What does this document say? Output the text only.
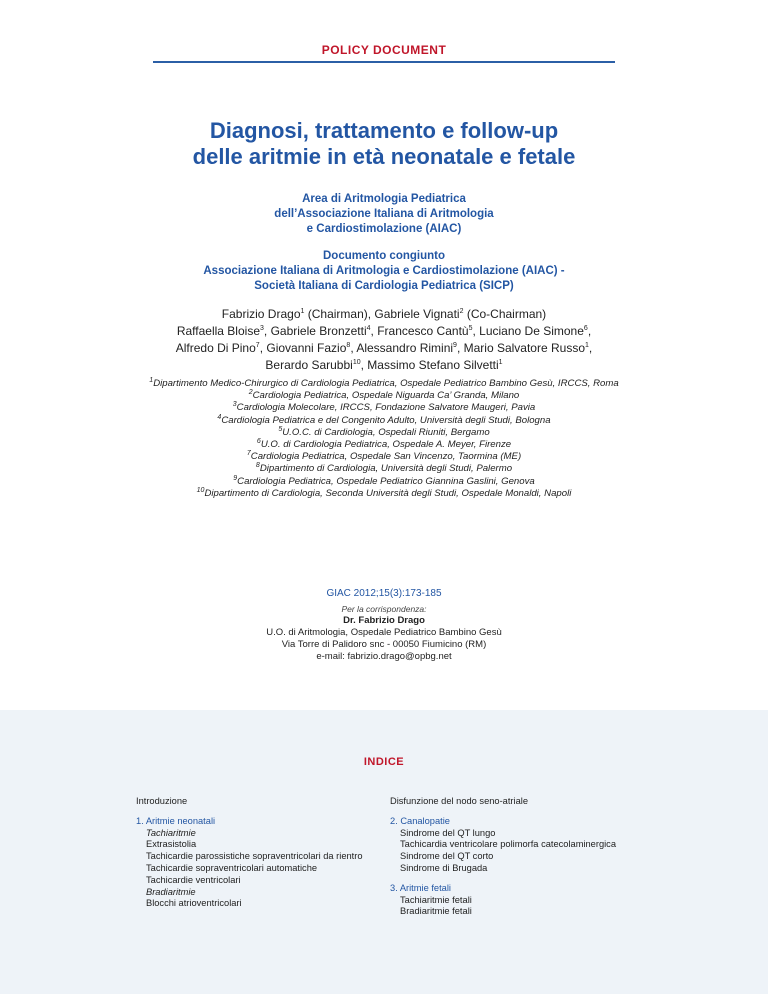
POLICY DOCUMENT
Diagnosi, trattamento e follow-up
delle aritmie in età neonatale e fetale
Area di Aritmologia Pediatrica
dell’Associazione Italiana di Aritmologia
e Cardiostimolazione (AIAC)
Documento congiunto
Associazione Italiana di Aritmologia e Cardiostimolazione (AIAC) -
Società Italiana di Cardiologia Pediatrica (SICP)
Fabrizio Drago$^1$ (Chairman), Gabriele Vignati$^2$ (Co-Chairman)
Raffaella Bloise$^3$, Gabriele Bronzetti$^4$, Francesco Cantù$^5$, Luciano De Simone$^6$,
Alfredo Di Pino$^7$, Giovanni Fazio$^8$, Alessandro Rimini$^9$, Mario Salvatore Russo$^1$,
Berardo Sarubbi$^{10}$, Massimo Stefano Silvetti$^1$
$^1$Dipartimento Medico-Chirurgico di Cardiologia Pediatrica, Ospedale Pediatrico Bambino Gesù, IRCCS, Roma
$^2$Cardiologia Pediatrica, Ospedale Niguarda Ca’ Granda, Milano
$^3$Cardiologia Molecolare, IRCCS, Fondazione Salvatore Maugeri, Pavia
$^4$Cardiologia Pediatrica e del Congenito Adulto, Università degli Studi, Bologna
$^5$U.O.C. di Cardiologia, Ospedali Riuniti, Bergamo
$^6$U.O. di Cardiologia Pediatrica, Ospedale A. Meyer, Firenze
$^7$Cardiologia Pediatrica, Ospedale San Vincenzo, Taormina (ME)
$^8$Dipartimento di Cardiologia, Università degli Studi, Palermo
$^9$Cardiologia Pediatrica, Ospedale Pediatrico Giannina Gaslini, Genova
$^{10}$Dipartimento di Cardiologia, Seconda Università degli Studi, Ospedale Monaldi, Napoli
GIAC 2012;15(3):173-185
Per la corrispondenza:
Dr. Fabrizio Drago
U.O. di Aritmologia, Ospedale Pediatrico Bambino Gesù
Via Torre di Palidoro snc - 00050 Fiumicino (RM)
e-mail: fabrizio.drago@opbg.net
INDICE
Introduzione
1. Aritmie neonatali
Tachiaritmie
Extrasistolia
Tachicardie parossistiche sopraventricolari da rientro
Tachicardie sopraventricolari automatiche
Tachicardie ventricolari
Bradiaritmie
Blocchi atrioventricolari
Disfunzione del nodo seno-atriale
2. Canalopatie
Sindrome del QT lungo
Tachicardia ventricolare polimorfa catecolaminergica
Sindrome del QT corto
Sindrome di Brugada
3. Aritmie fetali
Tachiaritmie fetali
Bradiaritmie fetali
